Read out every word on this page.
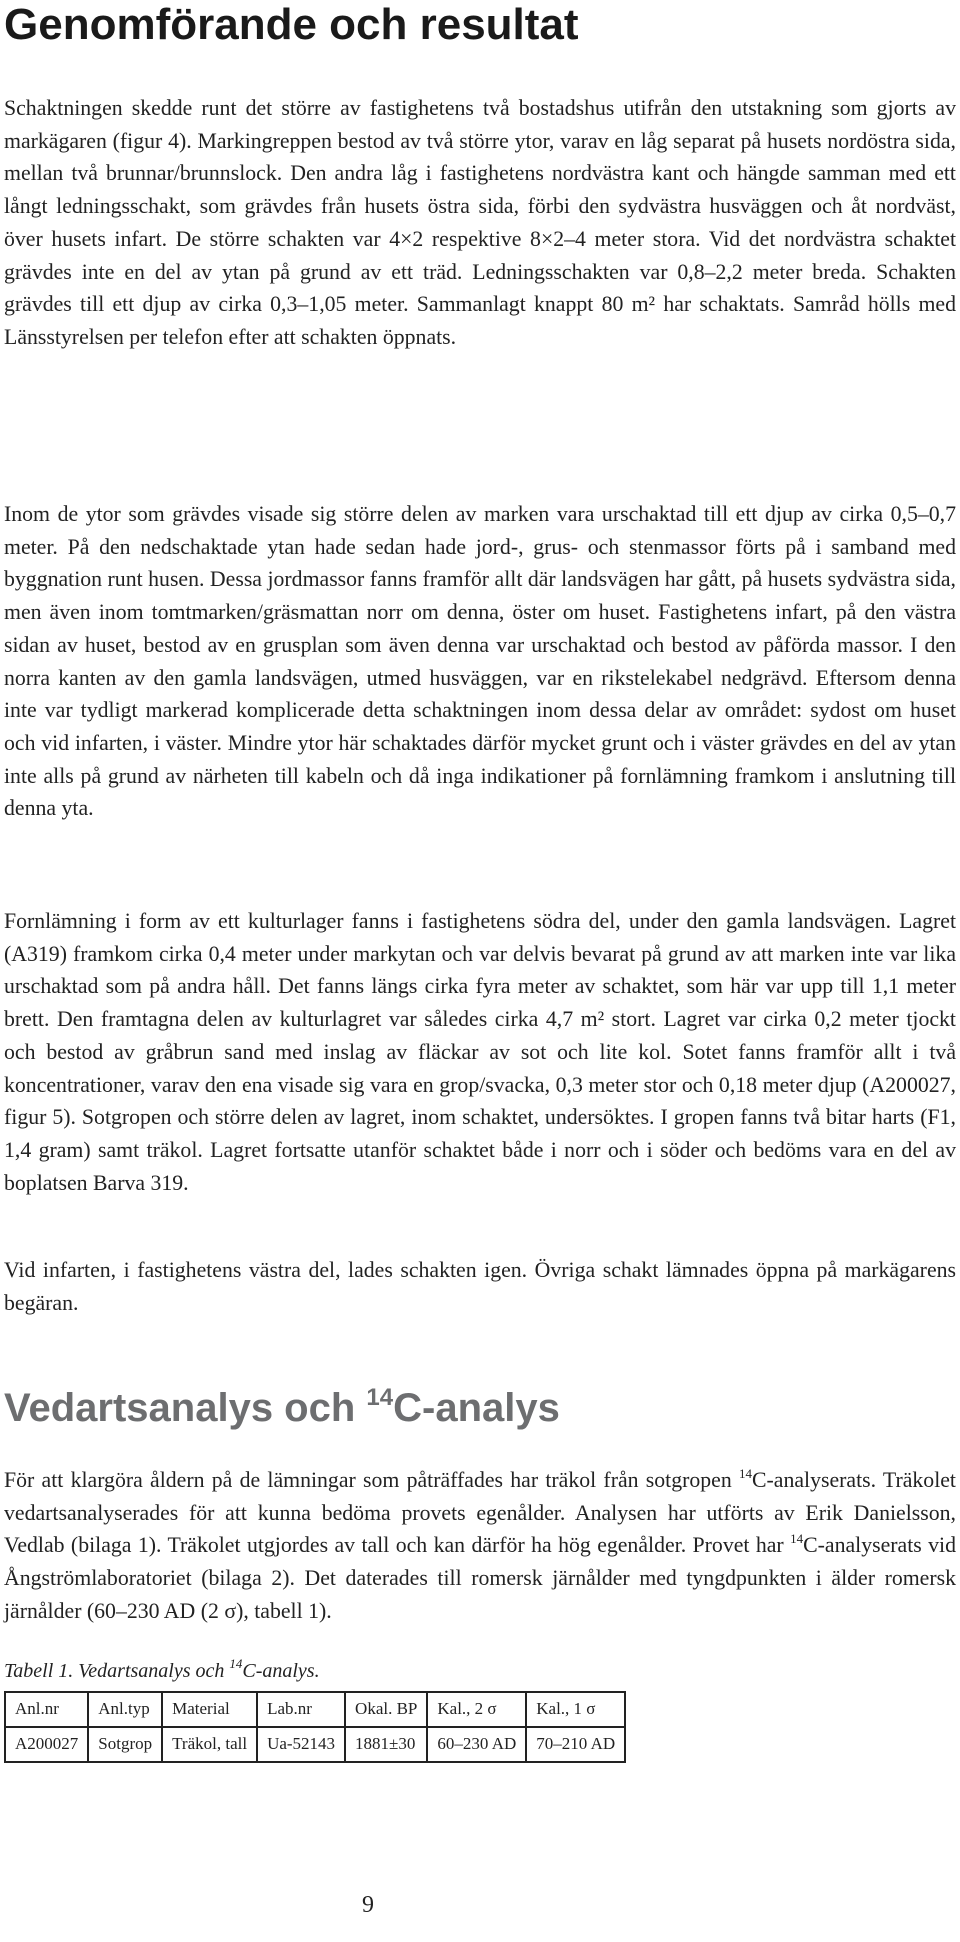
Genomförande och resultat

Schaktningen skedde runt det större av fastighetens två bostadshus utifrån den utstakning som gjorts av markägaren (figur 4). Markingreppen bestod av två större ytor, varav en låg separat på husets nordöstra sida, mellan två brunnar/brunnslock. Den andra låg i fastighetens nordvästra kant och hängde samman med ett långt ledningsschakt, som grävdes från husets östra sida, förbi den sydvästra husväggen och åt nordväst, över husets infart. De större schakten var 4×2 respektive 8×2–4 meter stora. Vid det nordvästra schaktet grävdes inte en del av ytan på grund av ett träd. Ledningsschakten var 0,8–2,2 meter breda. Schakten grävdes till ett djup av cirka 0,3–1,05 meter. Sammanlagt knappt 80 m² har schaktats. Samråd hölls med Länsstyrelsen per telefon efter att schakten öppnats.

Inom de ytor som grävdes visade sig större delen av marken vara urschaktad till ett djup av cirka 0,5–0,7 meter. På den nedschaktade ytan hade sedan hade jord-, grus- och stenmassor förts på i samband med byggnation runt husen. Dessa jordmassor fanns framför allt där landsvägen har gått, på husets sydvästra sida, men även inom tomtmarken/gräsmattan norr om denna, öster om huset. Fastighetens infart, på den västra sidan av huset, bestod av en grusplan som även denna var urschaktad och bestod av påförda massor. I den norra kanten av den gamla landsvägen, utmed husväggen, var en rikstelekabel nedgrävd. Eftersom denna inte var tydligt markerad komplicerade detta schaktningen inom dessa delar av området: sydost om huset och vid infarten, i väster. Mindre ytor här schaktades därför mycket grunt och i väster grävdes en del av ytan inte alls på grund av närheten till kabeln och då inga indikationer på fornlämning framkom i anslutning till denna yta.

Fornlämning i form av ett kulturlager fanns i fastighetens södra del, under den gamla landsvägen. Lagret (A319) framkom cirka 0,4 meter under markytan och var delvis bevarat på grund av att marken inte var lika urschaktad som på andra håll. Det fanns längs cirka fyra meter av schaktet, som här var upp till 1,1 meter brett. Den framtagna delen av kulturlagret var således cirka 4,7 m² stort. Lagret var cirka 0,2 meter tjockt och bestod av gråbrun sand med inslag av fläckar av sot och lite kol. Sotet fanns framför allt i två koncentrationer, varav den ena visade sig vara en grop/svacka, 0,3 meter stor och 0,18 meter djup (A200027, figur 5). Sotgropen och större delen av lagret, inom schaktet, undersöktes. I gropen fanns två bitar harts (F1, 1,4 gram) samt träkol. Lagret fortsatte utanför schaktet både i norr och i söder och bedöms vara en del av boplatsen Barva 319.

Vid infarten, i fastighetens västra del, lades schakten igen. Övriga schakt lämnades öppna på markägarens begäran.

Vedartsanalys och $^{14}$C-analys

För att klargöra åldern på de lämningar som påträffades har träkol från sotgropen $^{14}$C-analyserats. Träkolet vedartsanalyserades för att kunna bedöma provets egenålder. Analysen har utförts av Erik Danielsson, Vedlab (bilaga 1). Träkolet utgjordes av tall och kan därför ha hög egenålder. Provet har $^{14}$C-analyserats vid Ångströmlaboratoriet (bilaga 2). Det daterades till romersk järnålder med tyngdpunkten i älder romersk järnålder (60–230 AD (2 σ), tabell 1).

Tabell 1. Vedartsanalys och $^{14}$C-analys.

Anl.nr	Anl.typ	Material	Lab.nr	Okal. BP	Kal., 2 σ	Kal., 1 σ
A200027	Sotgrop	Träkol, tall	Ua-52143	1881±30	60–230 AD	70–210 AD
9
